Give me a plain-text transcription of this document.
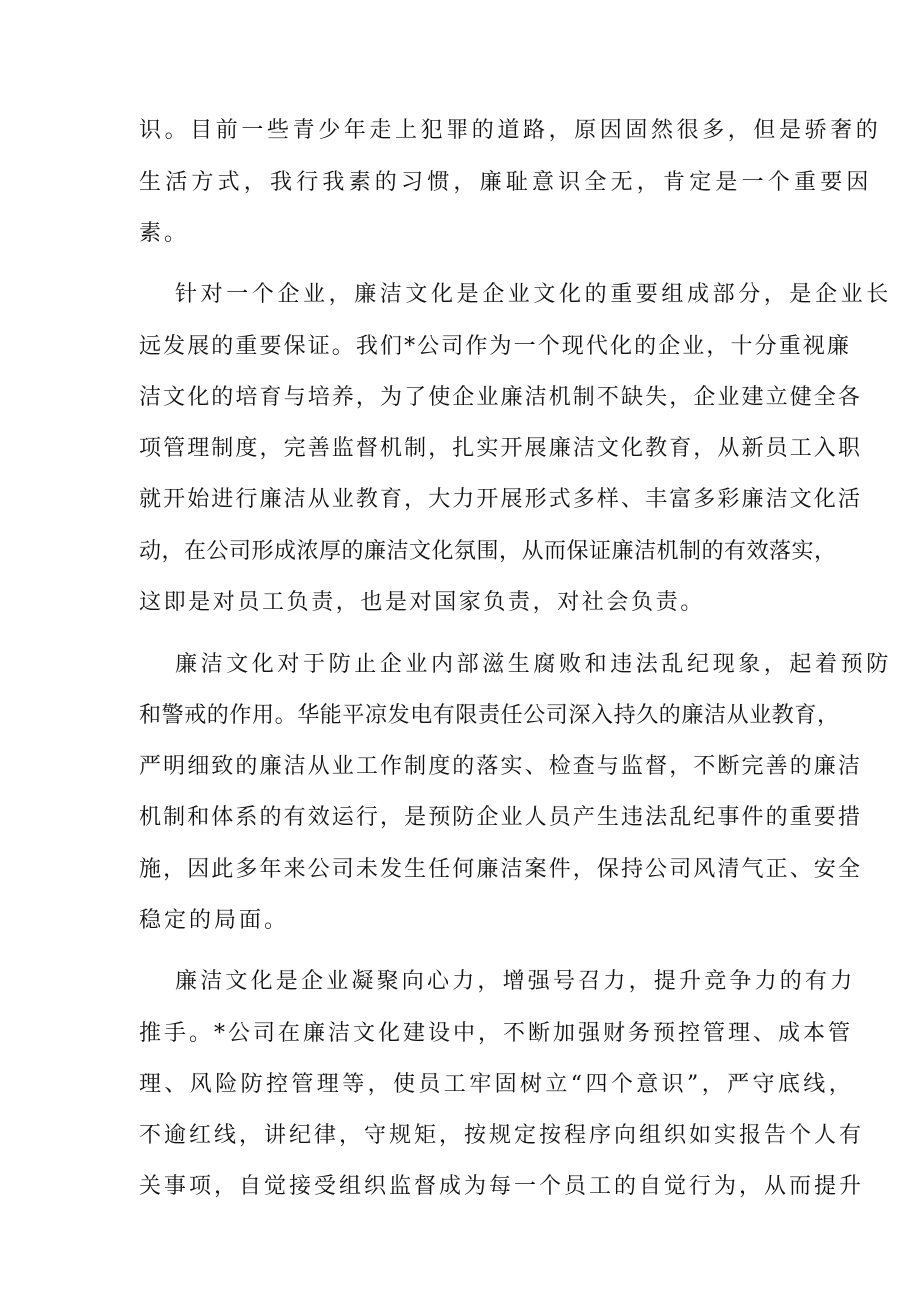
识。目前一些青少年走上犯罪的道路，原因固然很多，但是骄奢的
生活方式，我行我素的习惯，廉耻意识全无，肯定是一个重要因
素。
针对一个企业，廉洁文化是企业文化的重要组成部分，是企业长
远发展的重要保证。我们*公司作为一个现代化的企业，十分重视廉
洁文化的培育与培养，为了使企业廉洁机制不缺失，企业建立健全各
项管理制度，完善监督机制，扎实开展廉洁文化教育，从新员工入职
就开始进行廉洁从业教育，大力开展形式多样、丰富多彩廉洁文化活
动，在公司形成浓厚的廉洁文化氛围，从而保证廉洁机制的有效落实，
这即是对员工负责，也是对国家负责，对社会负责。
廉洁文化对于防止企业内部滋生腐败和违法乱纪现象，起着预防
和警戒的作用。华能平凉发电有限责任公司深入持久的廉洁从业教育，
严明细致的廉洁从业工作制度的落实、检查与监督，不断完善的廉洁
机制和体系的有效运行，是预防企业人员产生违法乱纪事件的重要措
施，因此多年来公司未发生任何廉洁案件，保持公司风清气正、安全
稳定的局面。
廉洁文化是企业凝聚向心力，增强号召力，提升竞争力的有力
推手。*公司在廉洁文化建设中，不断加强财务预控管理、成本管
理、风险防控管理等，使员工牢固树立“四个意识”，严守底线，
不逾红线，讲纪律，守规矩，按规定按程序向组织如实报告个人有
关事项，自觉接受组织监督成为每一个员工的自觉行为，从而提升
